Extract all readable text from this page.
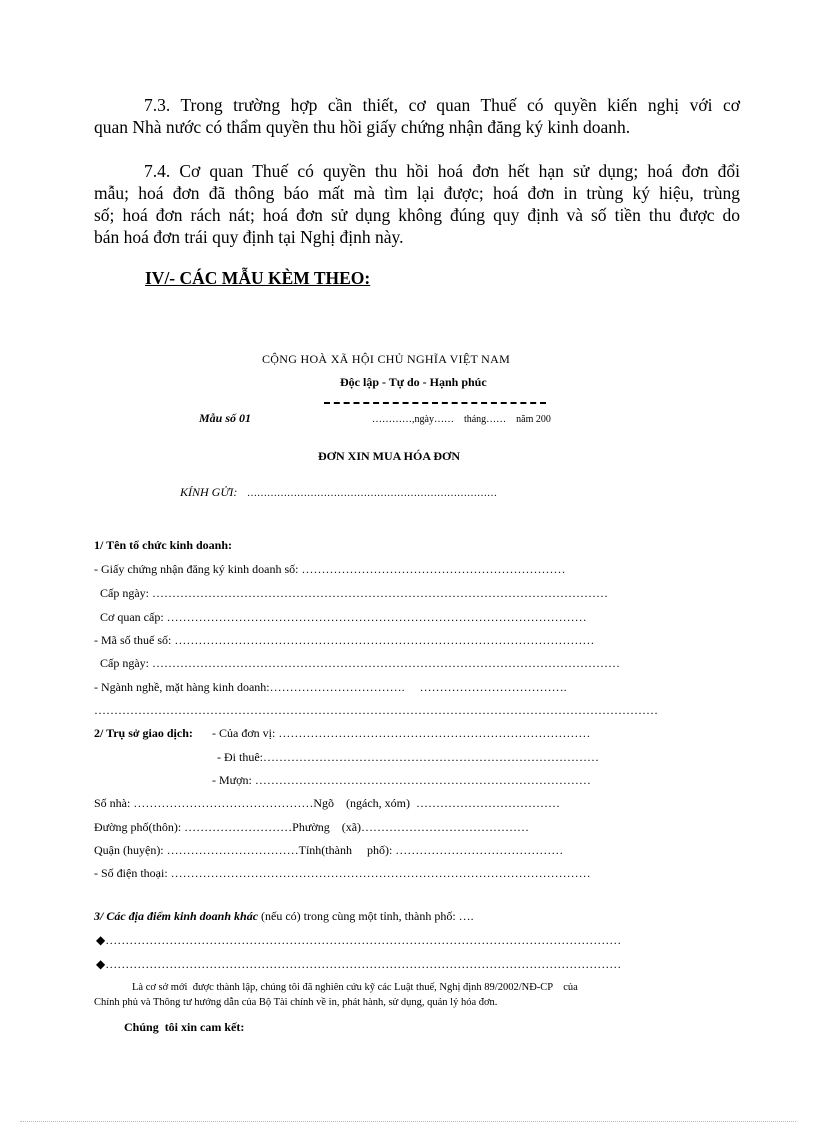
7.3. Trong trường hợp cần thiết, cơ quan Thuế có quyền kiến nghị với cơ
quan Nhà nước có thẩm quyền thu hồi giấy chứng nhận đăng ký kinh doanh.
7.4. Cơ quan Thuế có quyền thu hồi hoá đơn hết hạn sử dụng; hoá đơn đổi
mẫu; hoá đơn đã thông báo mất mà tìm lại được; hoá đơn in trùng ký hiệu, trùng
số; hoá đơn rách nát; hoá đơn sử dụng không đúng quy định và số tiền thu được do
bán hoá đơn trái quy định tại Nghị định này.
IV/- CÁC MẪU KÈM THEO:
CỘNG HOÀ XÃ HỘI CHỦ NGHĨA VIỆT NAM
Độc lập - Tự do - Hạnh phúc
Mẫu số 01	…………,ngày……    tháng……    năm 200
ĐƠN XIN MUA HÓA ĐƠN
KÍNH GỬI: …………………………………………………………………
1/ Tên tổ chức kinh doanh:
- Giấy chứng nhận đăng ký kinh doanh số: …………………………………………………………
Cấp ngày: ……………………………………………………………………………………………………
Cơ quan cấp: ……………………………………………………………………………………………
- Mã số thuế số: ……………………………………………………………………………………………
Cấp ngày: ………………………………………………………………………………………………………
- Ngành nghề, mặt hàng kinh doanh:…………………………….     ……………………………….
……………………………………………………………………………………………………………………………
2/ Trụ sở giao dịch: - Của đơn vị: ……………………………………………………………………
- Đi thuê:…………………………………………………………………………
- Mượn: …………………………………………………………………………
Số nhà: ………………………………………Ngõ    (ngách, xóm)  ………………………………
Đường phố(thôn): ………………………Phường    (xã)……………………………………
Quận (huyện): ……………………………Tỉnh(thành     phố): ……………………………………
- Số điện thoại: ……………………………………………………………………………………………
3/ Các địa điểm kinh doanh khác (nếu có) trong cùng một tỉnh, thành phố: ….
◆…………………………………………………………………………………………………………………
◆…………………………………………………………………………………………………………………
Là cơ sở mới  được thành lập, chúng tôi đã nghiên cứu kỹ các Luật thuế, Nghị định 89/2002/NĐ-CP    của
Chính phủ và Thông tư hướng dẫn của Bộ Tài chính về in, phát hành, sử dụng, quản lý hóa đơn.
Chúng  tôi xin cam kết:
